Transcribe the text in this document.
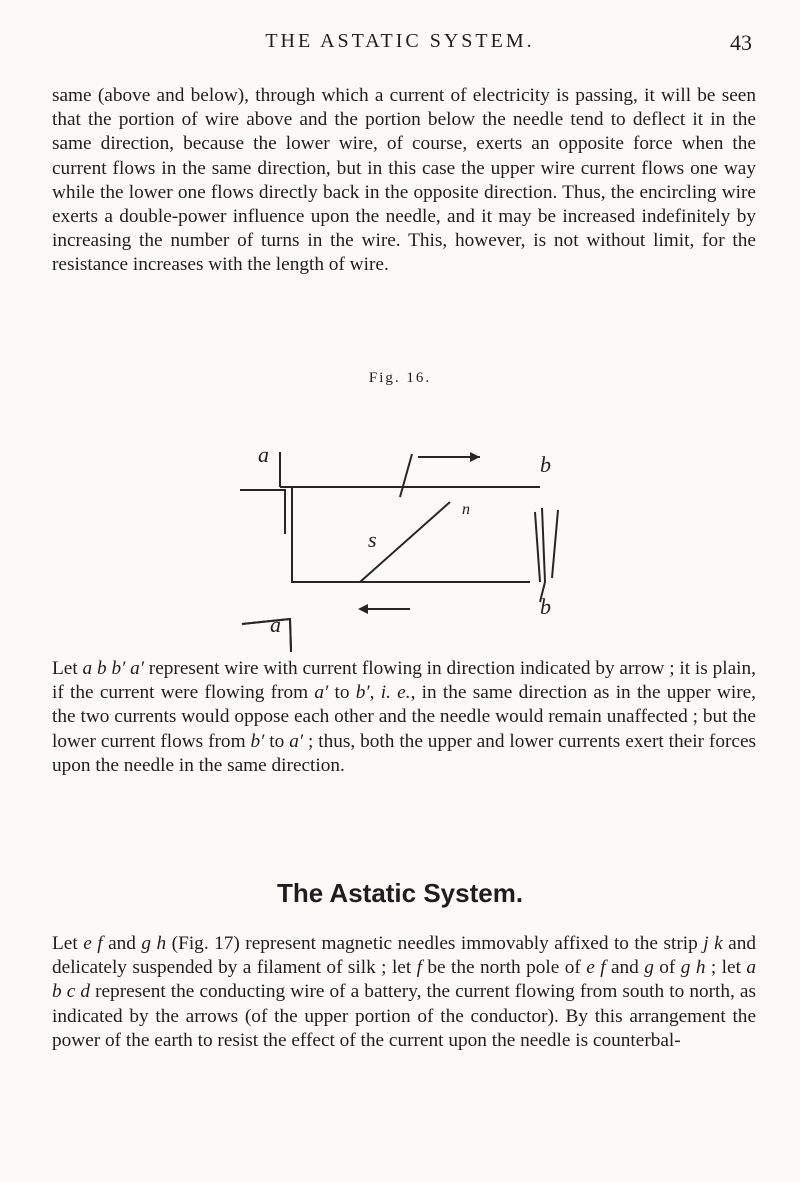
THE ASTATIC SYSTEM.	43

same (above and below), through which a current of electricity is passing, it will be seen that the portion of wire above and the portion below the needle tend to deflect it in the same direction, because the lower wire, of course, exerts an opposite force when the current flows in the same direction, but in this case the upper wire current flows one way while the lower one flows directly back in the opposite direction. Thus, the encircling wire exerts a double-power influence upon the needle, and it may be increased indefinitely by increasing the number of turns in the wire. This, however, is not without limit, for the resistance increases with the length of wire.

Fig. 16.
a	b
n
s
a
b

Let a b b′ a′ represent wire with current flowing in direction indicated by arrow ; it is plain, if the current were flowing from a′ to b′, i. e., in the same direction as in the upper wire, the two currents would oppose each other and the needle would remain unaffected ; but the lower current flows from b′ to a′ ; thus, both the upper and lower currents exert their forces upon the needle in the same direction.

The Astatic System.

Let e f and g h (Fig. 17) represent magnetic needles immovably affixed to the strip j k and delicately suspended by a filament of silk ; let f be the north pole of e f and g of g h ; let a b c d represent the conducting wire of a battery, the current flowing from south to north, as indicated by the arrows (of the upper portion of the conductor). By this arrangement the power of the earth to resist the effect of the current upon the needle is counterbal-
